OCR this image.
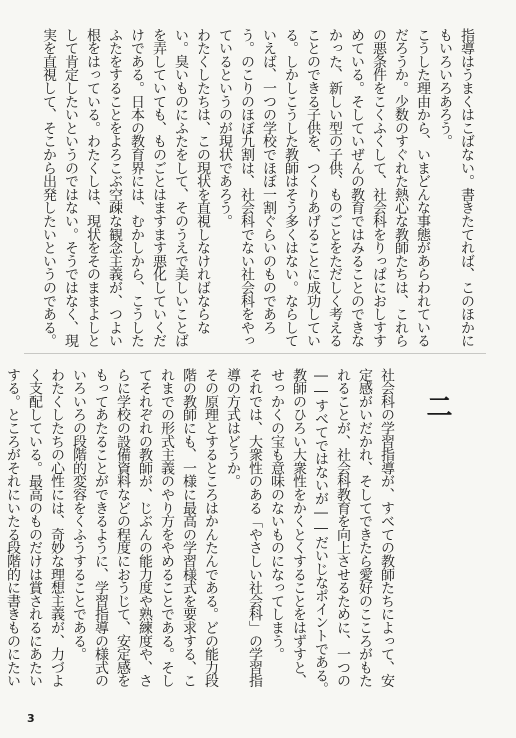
指導はうまくはこばない。書きたてれば、このほかにもいろいろあろう。

こうした理由から、いまどんな事態があらわれているだろうか。少数のすぐれた熱心な教師たちは、これらの悪条件をこくふくして、社会科をりっぱにおしすすめている。そしていぜんの教育ではみることのできなかった、新しい型の子供、ものごとをただしく考えることのできる子供を、つくりあげることに成功している。しかしこうした教師はそう多くはない。ならしていえば、一つの学校でほぼ一割ぐらいのものであろう。のこりのほぼ九割は、社会科でない社会科をやっているというのが現状であろう。

わたくしたちは、この現状を直視しなければならない。臭いものにふたをして、そのうえで美しいことばを弄していても、ものごとはますます悪化していくだけである。日本の教育界には、むかしから、こうしたふたをすることをよろこぶ空疎な観念主義が、つよい根をはっている。わたくしは、現状をそのままよしとして肯定したいというのではない。そうではなく、現実を直視して、そこから出発したいというのである。

二

社会科の学習指導が、すべての教師たちによって、安定感がいだかれ、そしてできたら愛好のこころがもたれることが、社会科教育を向上させるために、一つの――すべてではないが――だいじなポイントである。教師のひろい大衆性をかくとくすることをはずすと、せっかくの宝も意味のないものになってしまう。

それでは、大衆性のある「やさしい社会科」の学習指導の方式はどうか。

その原理とするところはかんたんである。どの能力段階の教師にも、一様に最高の学習様式を要求する、これまでの形式主義のやり方をやめることである。そしてそれぞれの教師が、じぶんの能力度や熟練度や、さらに学校の設備資料などの程度におうじて、安定感をもってあたることができるように、学習指導の様式のいろいろの段階的変容をくふうすることである。

わたくしたちの心性には、奇妙な理想主義が、力づよく支配している。最高のものだけは賞されるにあたいする。ところがそれにいたる段階的に書きものにたい

3
